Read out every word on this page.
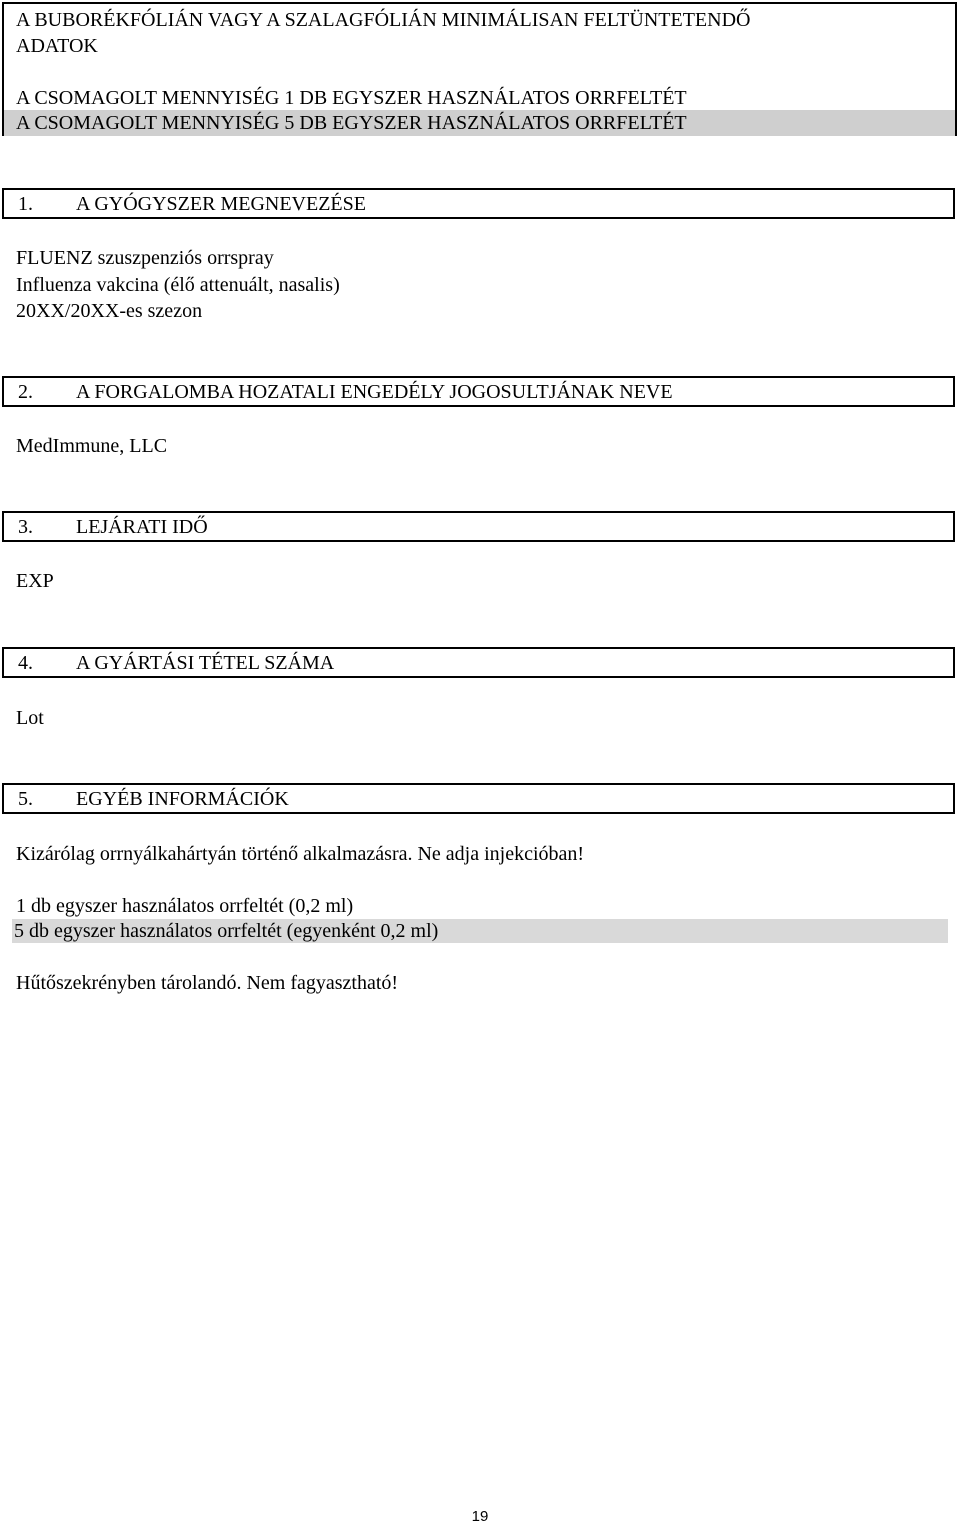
A BUBORÉKFÓLIÁN VAGY A SZALAGFÓLIÁN MINIMÁLISAN FELTÜNTETENDŐ
ADATOK
A CSOMAGOLT MENNYISÉG 1 DB EGYSZER HASZNÁLATOS ORRFELTÉT
A CSOMAGOLT MENNYISÉG 5 DB EGYSZER HASZNÁLATOS ORRFELTÉT
1. A GYÓGYSZER MEGNEVEZÉSE
FLUENZ szuszpenziós orrspray
Influenza vakcina (élő attenuált, nasalis)
20XX/20XX-es szezon
2. A FORGALOMBA HOZATALI ENGEDÉLY JOGOSULTJÁNAK NEVE
MedImmune, LLC
3. LEJÁRATI IDŐ
EXP
4. A GYÁRTÁSI TÉTEL SZÁMA
Lot
5. EGYÉB INFORMÁCIÓK
Kizárólag orrnyálkahártyán történő alkalmazásra. Ne adja injekcióban!
1 db egyszer használatos orrfeltét (0,2 ml)
5 db egyszer használatos orrfeltét (egyenként 0,2 ml)
Hűtőszekrényben tárolandó. Nem fagyasztható!
19
